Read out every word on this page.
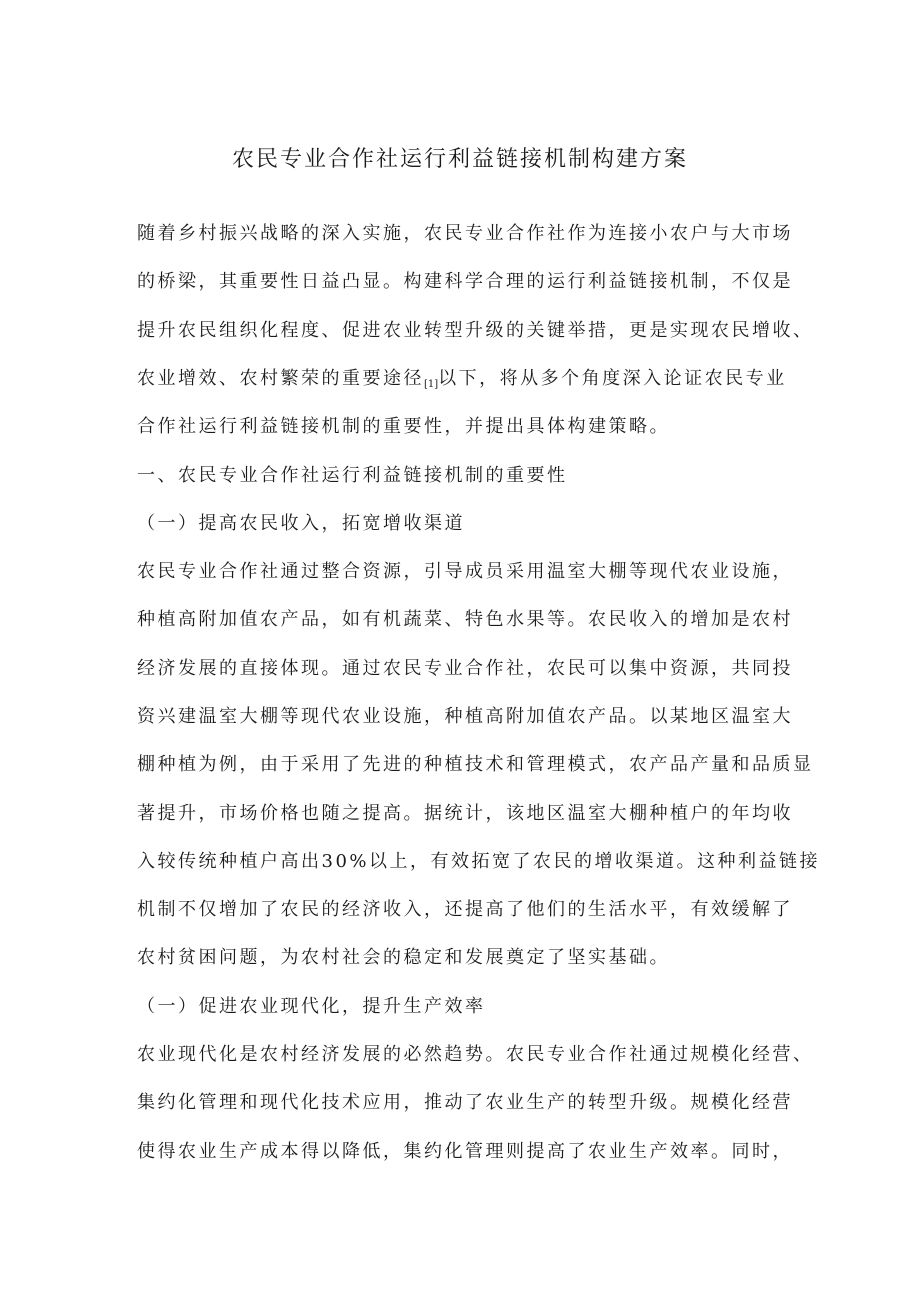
农民专业合作社运行利益链接机制构建方案
随着乡村振兴战略的深入实施，农民专业合作社作为连接小农户与大市场
的桥梁，其重要性日益凸显。构建科学合理的运行利益链接机制，不仅是
提升农民组织化程度、促进农业转型升级的关键举措，更是实现农民增收、
农业增效、农村繁荣的重要途径[1]以下，将从多个角度深入论证农民专业
合作社运行利益链接机制的重要性，并提出具体构建策略。
一、农民专业合作社运行利益链接机制的重要性
（一）提高农民收入，拓宽增收渠道
农民专业合作社通过整合资源，引导成员采用温室大棚等现代农业设施，
种植高附加值农产品，如有机蔬菜、特色水果等。农民收入的增加是农村
经济发展的直接体现。通过农民专业合作社，农民可以集中资源，共同投
资兴建温室大棚等现代农业设施，种植高附加值农产品。以某地区温室大
棚种植为例，由于采用了先进的种植技术和管理模式，农产品产量和品质显
著提升，市场价格也随之提高。据统计，该地区温室大棚种植户的年均收
入较传统种植户高出30%以上，有效拓宽了农民的增收渠道。这种利益链接
机制不仅增加了农民的经济收入，还提高了他们的生活水平，有效缓解了
农村贫困问题，为农村社会的稳定和发展奠定了坚实基础。
（一）促进农业现代化，提升生产效率
农业现代化是农村经济发展的必然趋势。农民专业合作社通过规模化经营、
集约化管理和现代化技术应用，推动了农业生产的转型升级。规模化经营
使得农业生产成本得以降低，集约化管理则提高了农业生产效率。同时，
